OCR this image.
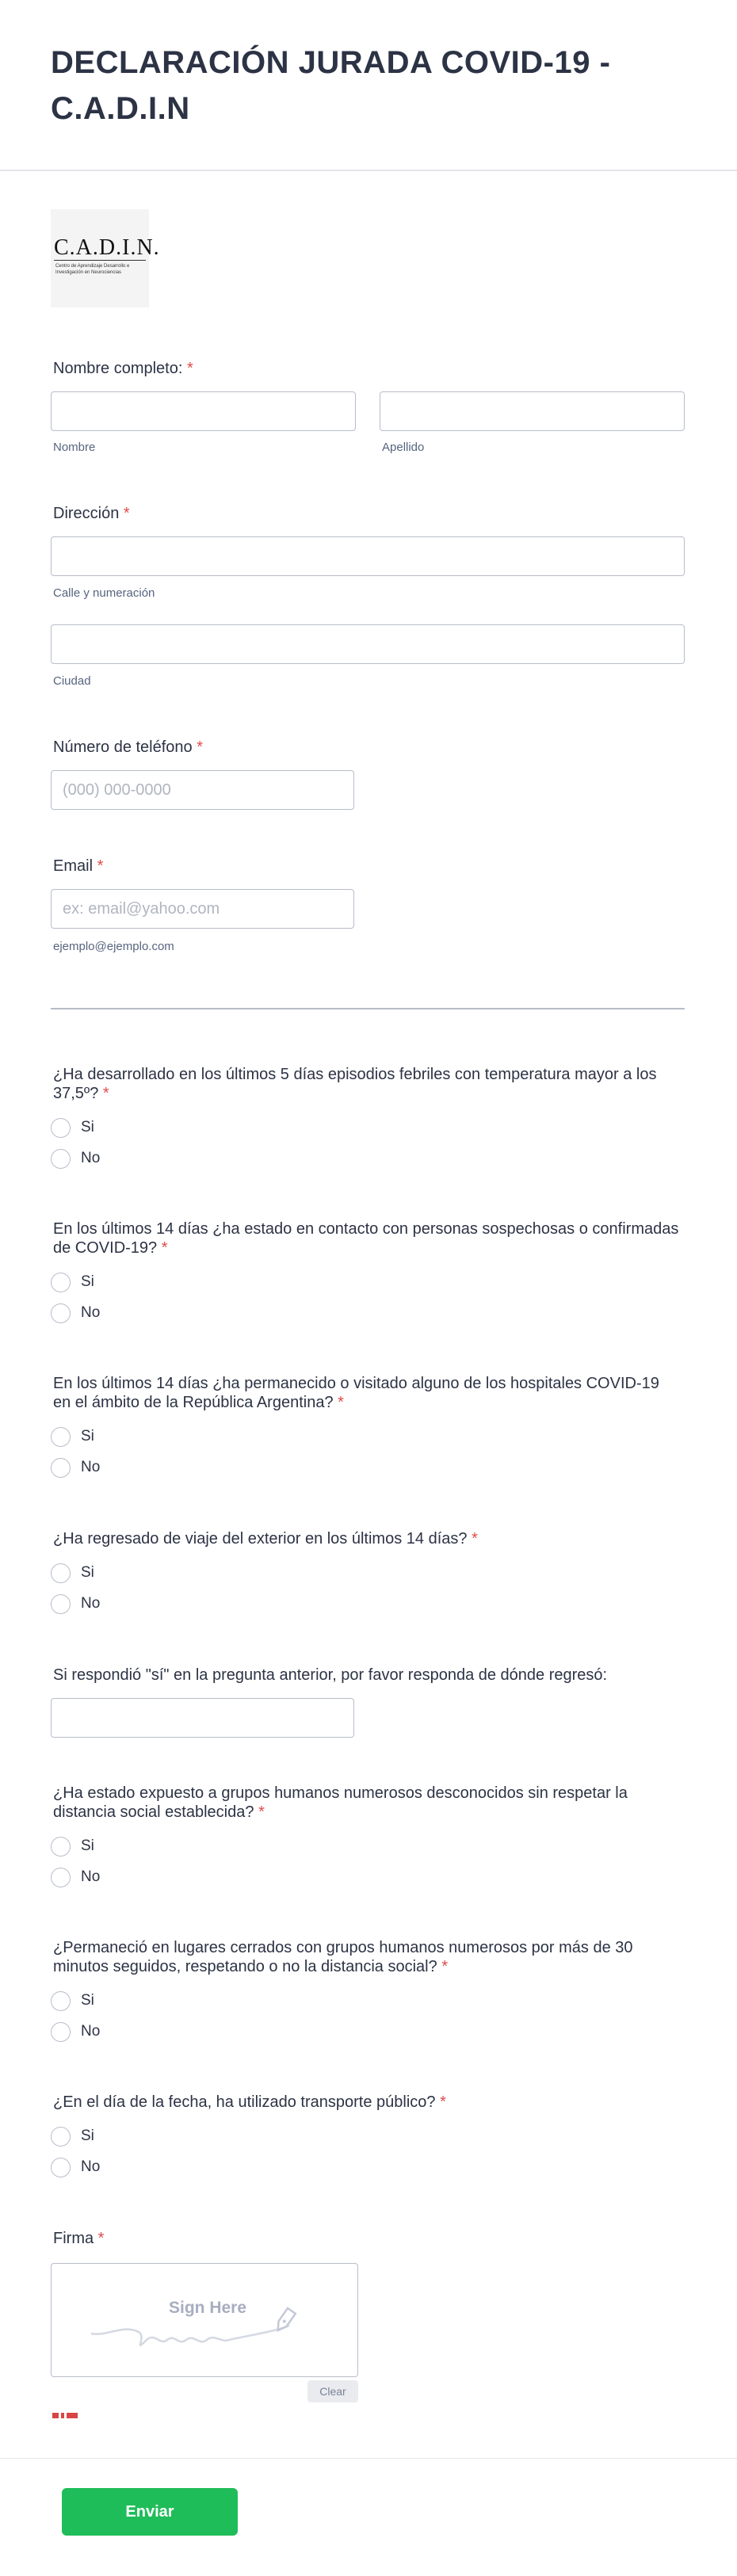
DECLARACIÓN JURADA COVID-19 - C.A.D.I.N
C.A.D.I.N.
Centro de Aprendizaje Desarrollo e Investigación en Neurociencias
Nombre completo: *
Nombre	Apellido
Dirección *
Calle y numeración
Ciudad
Número de teléfono *
(000) 000-0000
Email *
ex: email@yahoo.com
ejemplo@ejemplo.com
¿Ha desarrollado en los últimos 5 días episodios febriles con temperatura mayor a los 37,5º? *
Si
No
En los últimos 14 días ¿ha estado en contacto con personas sospechosas o confirmadas de COVID-19? *
Si
No
En los últimos 14 días ¿ha permanecido o visitado alguno de los hospitales COVID-19 en el ámbito de la República Argentina? *
Si
No
¿Ha regresado de viaje del exterior en los últimos 14 días? *
Si
No
Si respondió "sí" en la pregunta anterior, por favor responda de dónde regresó:
¿Ha estado expuesto a grupos humanos numerosos desconocidos sin respetar la distancia social establecida? *
Si
No
¿Permaneció en lugares cerrados con grupos humanos numerosos por más de 30 minutos seguidos, respetando o no la distancia social? *
Si
No
¿En el día de la fecha, ha utilizado transporte público? *
Si
No
Firma *
Sign Here
Clear
Enviar
